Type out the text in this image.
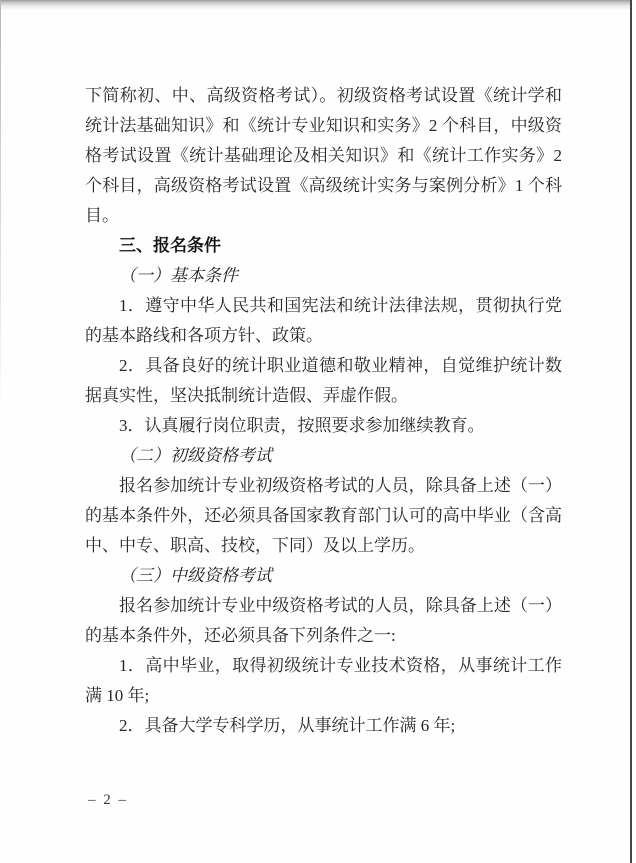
下简称初、中、高级资格考试）。初级资格考试设置《统计学和统计法基础知识》和《统计专业知识和实务》2 个科目，中级资格考试设置《统计基础理论及相关知识》和《统计工作实务》2 个科目，高级资格考试设置《高级统计实务与案例分析》1 个科目。

三、报名条件

（一）基本条件

1．遵守中华人民共和国宪法和统计法律法规，贯彻执行党的基本路线和各项方针、政策。

2．具备良好的统计职业道德和敬业精神，自觉维护统计数据真实性，坚决抵制统计造假、弄虚作假。

3．认真履行岗位职责，按照要求参加继续教育。

（二）初级资格考试

报名参加统计专业初级资格考试的人员，除具备上述（一）的基本条件外，还必须具备国家教育部门认可的高中毕业（含高中、中专、职高、技校，下同）及以上学历。

（三）中级资格考试

报名参加统计专业中级资格考试的人员，除具备上述（一）的基本条件外，还必须具备下列条件之一:

1．高中毕业，取得初级统计专业技术资格，从事统计工作满 10 年;

2．具备大学专科学历，从事统计工作满 6 年;

– 2 –
